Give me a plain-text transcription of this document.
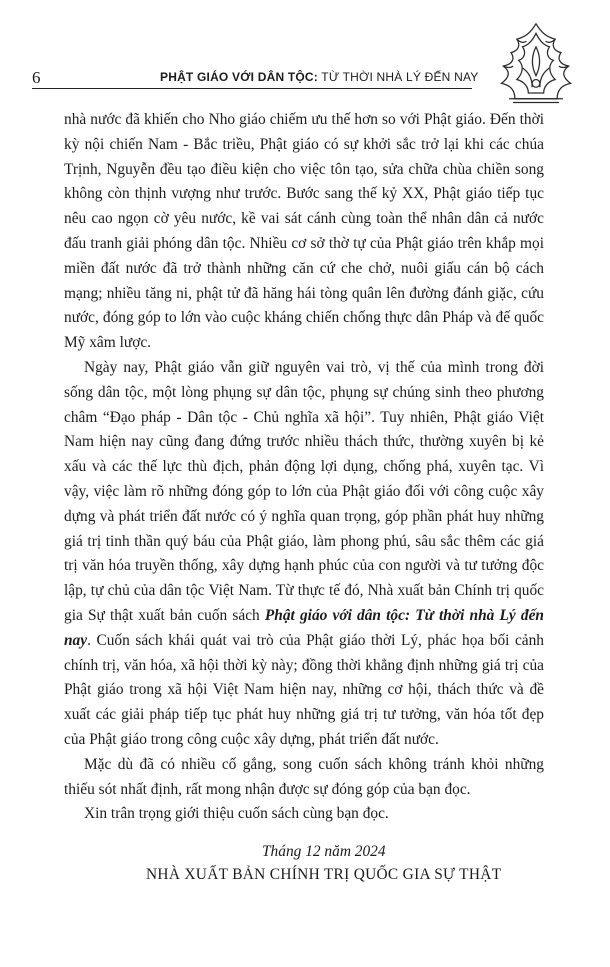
6	PHẬT GIÁO VỚI DÂN TỘC: TỪ THỜI NHÀ LÝ ĐẾN NAY

nhà nước đã khiến cho Nho giáo chiếm ưu thế hơn so với Phật giáo. Đến thời kỳ nội chiến Nam - Bắc triều, Phật giáo có sự khởi sắc trở lại khi các chúa Trịnh, Nguyễn đều tạo điều kiện cho việc tôn tạo, sửa chữa chùa chiền song không còn thịnh vượng như trước. Bước sang thế kỷ XX, Phật giáo tiếp tục nêu cao ngọn cờ yêu nước, kề vai sát cánh cùng toàn thể nhân dân cả nước đấu tranh giải phóng dân tộc. Nhiều cơ sở thờ tự của Phật giáo trên khắp mọi miền đất nước đã trở thành những căn cứ che chở, nuôi giấu cán bộ cách mạng; nhiều tăng ni, phật tử đã hăng hái tòng quân lên đường đánh giặc, cứu nước, đóng góp to lớn vào cuộc kháng chiến chống thực dân Pháp và đế quốc Mỹ xâm lược.

Ngày nay, Phật giáo vẫn giữ nguyên vai trò, vị thế của mình trong đời sống dân tộc, một lòng phụng sự dân tộc, phụng sự chúng sinh theo phương châm “Đạo pháp - Dân tộc - Chủ nghĩa xã hội”. Tuy nhiên, Phật giáo Việt Nam hiện nay cũng đang đứng trước nhiều thách thức, thường xuyên bị kẻ xấu và các thế lực thù địch, phản động lợi dụng, chống phá, xuyên tạc. Vì vậy, việc làm rõ những đóng góp to lớn của Phật giáo đối với công cuộc xây dựng và phát triển đất nước có ý nghĩa quan trọng, góp phần phát huy những giá trị tinh thần quý báu của Phật giáo, làm phong phú, sâu sắc thêm các giá trị văn hóa truyền thống, xây dựng hạnh phúc của con người và tư tưởng độc lập, tự chủ của dân tộc Việt Nam. Từ thực tế đó, Nhà xuất bản Chính trị quốc gia Sự thật xuất bản cuốn sách Phật giáo với dân tộc: Từ thời nhà Lý đến nay. Cuốn sách khái quát vai trò của Phật giáo thời Lý, phác họa bối cảnh chính trị, văn hóa, xã hội thời kỳ này; đồng thời khẳng định những giá trị của Phật giáo trong xã hội Việt Nam hiện nay, những cơ hội, thách thức và đề xuất các giải pháp tiếp tục phát huy những giá trị tư tưởng, văn hóa tốt đẹp của Phật giáo trong công cuộc xây dựng, phát triển đất nước.

Mặc dù đã có nhiều cố gắng, song cuốn sách không tránh khỏi những thiếu sót nhất định, rất mong nhận được sự đóng góp của bạn đọc.

Xin trân trọng giới thiệu cuốn sách cùng bạn đọc.

Tháng 12 năm 2024
NHÀ XUẤT BẢN CHÍNH TRỊ QUỐC GIA SỰ THẬT
